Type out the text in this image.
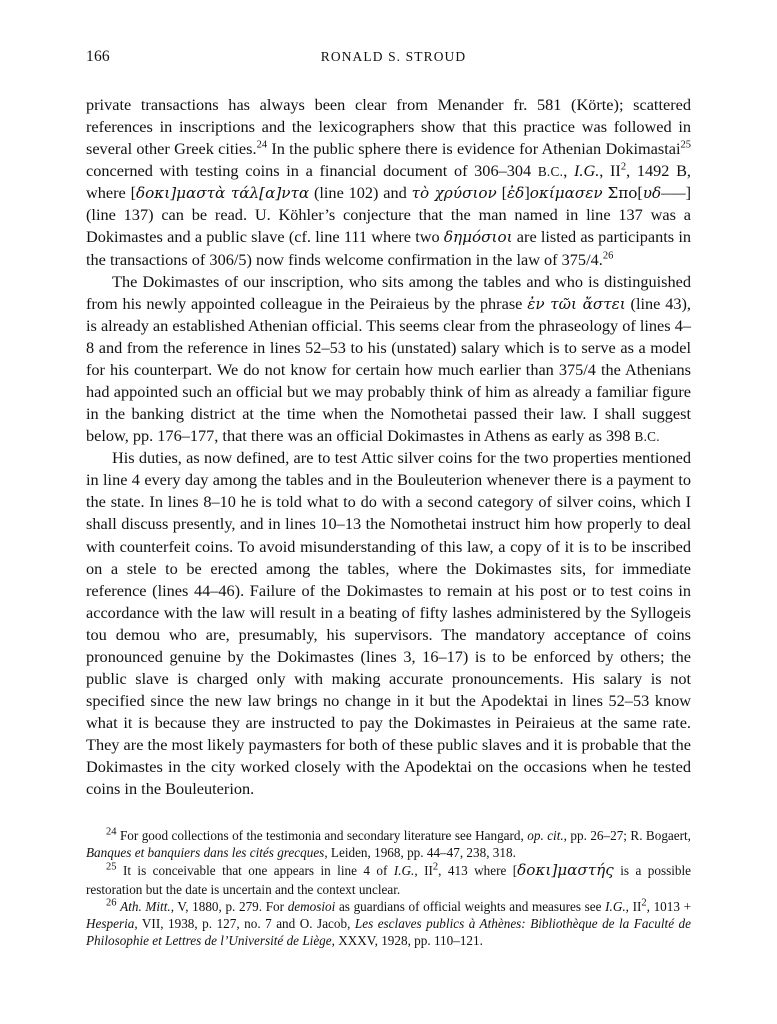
166	RONALD S. STROUD

private transactions has always been clear from Menander fr. 581 (Körte); scattered references in inscriptions and the lexicographers show that this practice was followed in several other Greek cities.$^{24}$ In the public sphere there is evidence for Athenian Dokimastai$^{25}$ concerned with testing coins in a financial document of 306–304 B.C., I.G., $II^2$, 1492 B, where [δοκι]μαστὰ τάλ[α]ντα (line 102) and τὸ χρύσιον [ἐδ]οκίμασεν Σπο[υδ–––] (line 137) can be read. U. Köhler’s conjecture that the man named in line 137 was a Dokimastes and a public slave (cf. line 111 where two δημόσιοι are listed as participants in the transactions of 306/5) now finds welcome confirmation in the law of 375/4.26

The Dokimastes of our inscription, who sits among the tables and who is distinguished from his newly appointed colleague in the Peiraieus by the phrase ἐν τῶι ἄστει (line 43), is already an established Athenian official. This seems clear from the phraseology of lines 4–8 and from the reference in lines 52–53 to his (unstated) salary which is to serve as a model for his counterpart. We do not know for certain how much earlier than 375/4 the Athenians had appointed such an official but we may probably think of him as already a familiar figure in the banking district at the time when the Nomothetai passed their law. I shall suggest below, pp. 176–177, that there was an official Dokimastes in Athens as early as 398 B.C.

His duties, as now defined, are to test Attic silver coins for the two properties mentioned in line 4 every day among the tables and in the Bouleuterion whenever there is a payment to the state. In lines 8–10 he is told what to do with a second category of silver coins, which I shall discuss presently, and in lines 10–13 the Nomothetai instruct him how properly to deal with counterfeit coins. To avoid misunderstanding of this law, a copy of it is to be inscribed on a stele to be erected among the tables, where the Dokimastes sits, for immediate reference (lines 44–46). Failure of the Dokimastes to remain at his post or to test coins in accordance with the law will result in a beating of fifty lashes administered by the Syllogeis tou demou who are, presumably, his supervisors. The mandatory acceptance of coins pronounced genuine by the Dokimastes (lines 3, 16–17) is to be enforced by others; the public slave is charged only with making accurate pronouncements. His salary is not specified since the new law brings no change in it but the Apodektai in lines 52–53 know what it is because they are instructed to pay the Dokimastes in Peiraieus at the same rate. They are the most likely paymasters for both of these public slaves and it is probable that the Dokimastes in the city worked closely with the Apodektai on the occasions when he tested coins in the Bouleuterion.

$^{24}$ For good collections of the testimonia and secondary literature see Hangard, op. cit., pp. 26–27; R. Bogaert, Banques et banquiers dans les cités grecques, Leiden, 1968, pp. 44–47, 238, 318.

$^{25}$ It is conceivable that one appears in line 4 of I.G., $II^2$, 413 where [δοκι]μαστής is a possible restoration but the date is uncertain and the context unclear.

$^{26}$ Ath. Mitt., V, 1880, p. 279. For demosioi as guardians of official weights and measures see I.G., $II^2$, 1013 + Hesperia, VII, 1938, p. 127, no. 7 and O. Jacob, Les esclaves publics à Athènes: Bibliothèque de la Faculté de Philosophie et Lettres de l’Université de Liège, XXXV, 1928, pp. 110–121.
